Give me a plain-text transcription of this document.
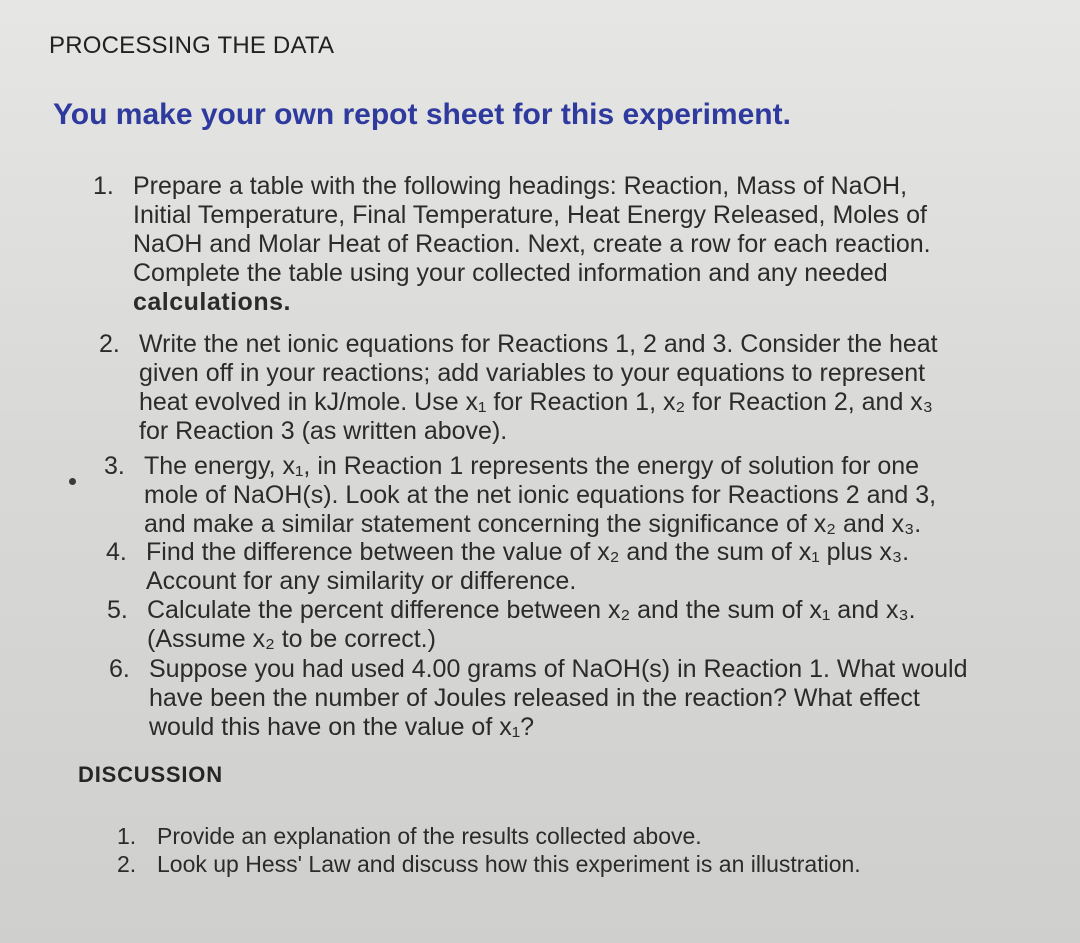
PROCESSING THE DATA
You make your own repot sheet for this experiment.
1. Prepare a table with the following headings: Reaction, Mass of NaOH,
Initial Temperature, Final Temperature, Heat Energy Released, Moles of
NaOH and Molar Heat of Reaction. Next, create a row for each reaction.
Complete the table using your collected information and any needed
calculations.
2. Write the net ionic equations for Reactions 1, 2 and 3. Consider the heat
given off in your reactions; add variables to your equations to represent
heat evolved in kJ/mole. Use x₁ for Reaction 1, x₂ for Reaction 2, and x₃
for Reaction 3 (as written above).
3. The energy, x₁, in Reaction 1 represents the energy of solution for one
mole of NaOH(s). Look at the net ionic equations for Reactions 2 and 3,
and make a similar statement concerning the significance of x₂ and x₃.
4. Find the difference between the value of x₂ and the sum of x₁ plus x₃.
Account for any similarity or difference.
5. Calculate the percent difference between x₂ and the sum of x₁ and x₃.
(Assume x₂ to be correct.)
6. Suppose you had used 4.00 grams of NaOH(s) in Reaction 1. What would
have been the number of Joules released in the reaction? What effect
would this have on the value of x₁?
DISCUSSION
1. Provide an explanation of the results collected above.
2. Look up Hess' Law and discuss how this experiment is an illustration.
